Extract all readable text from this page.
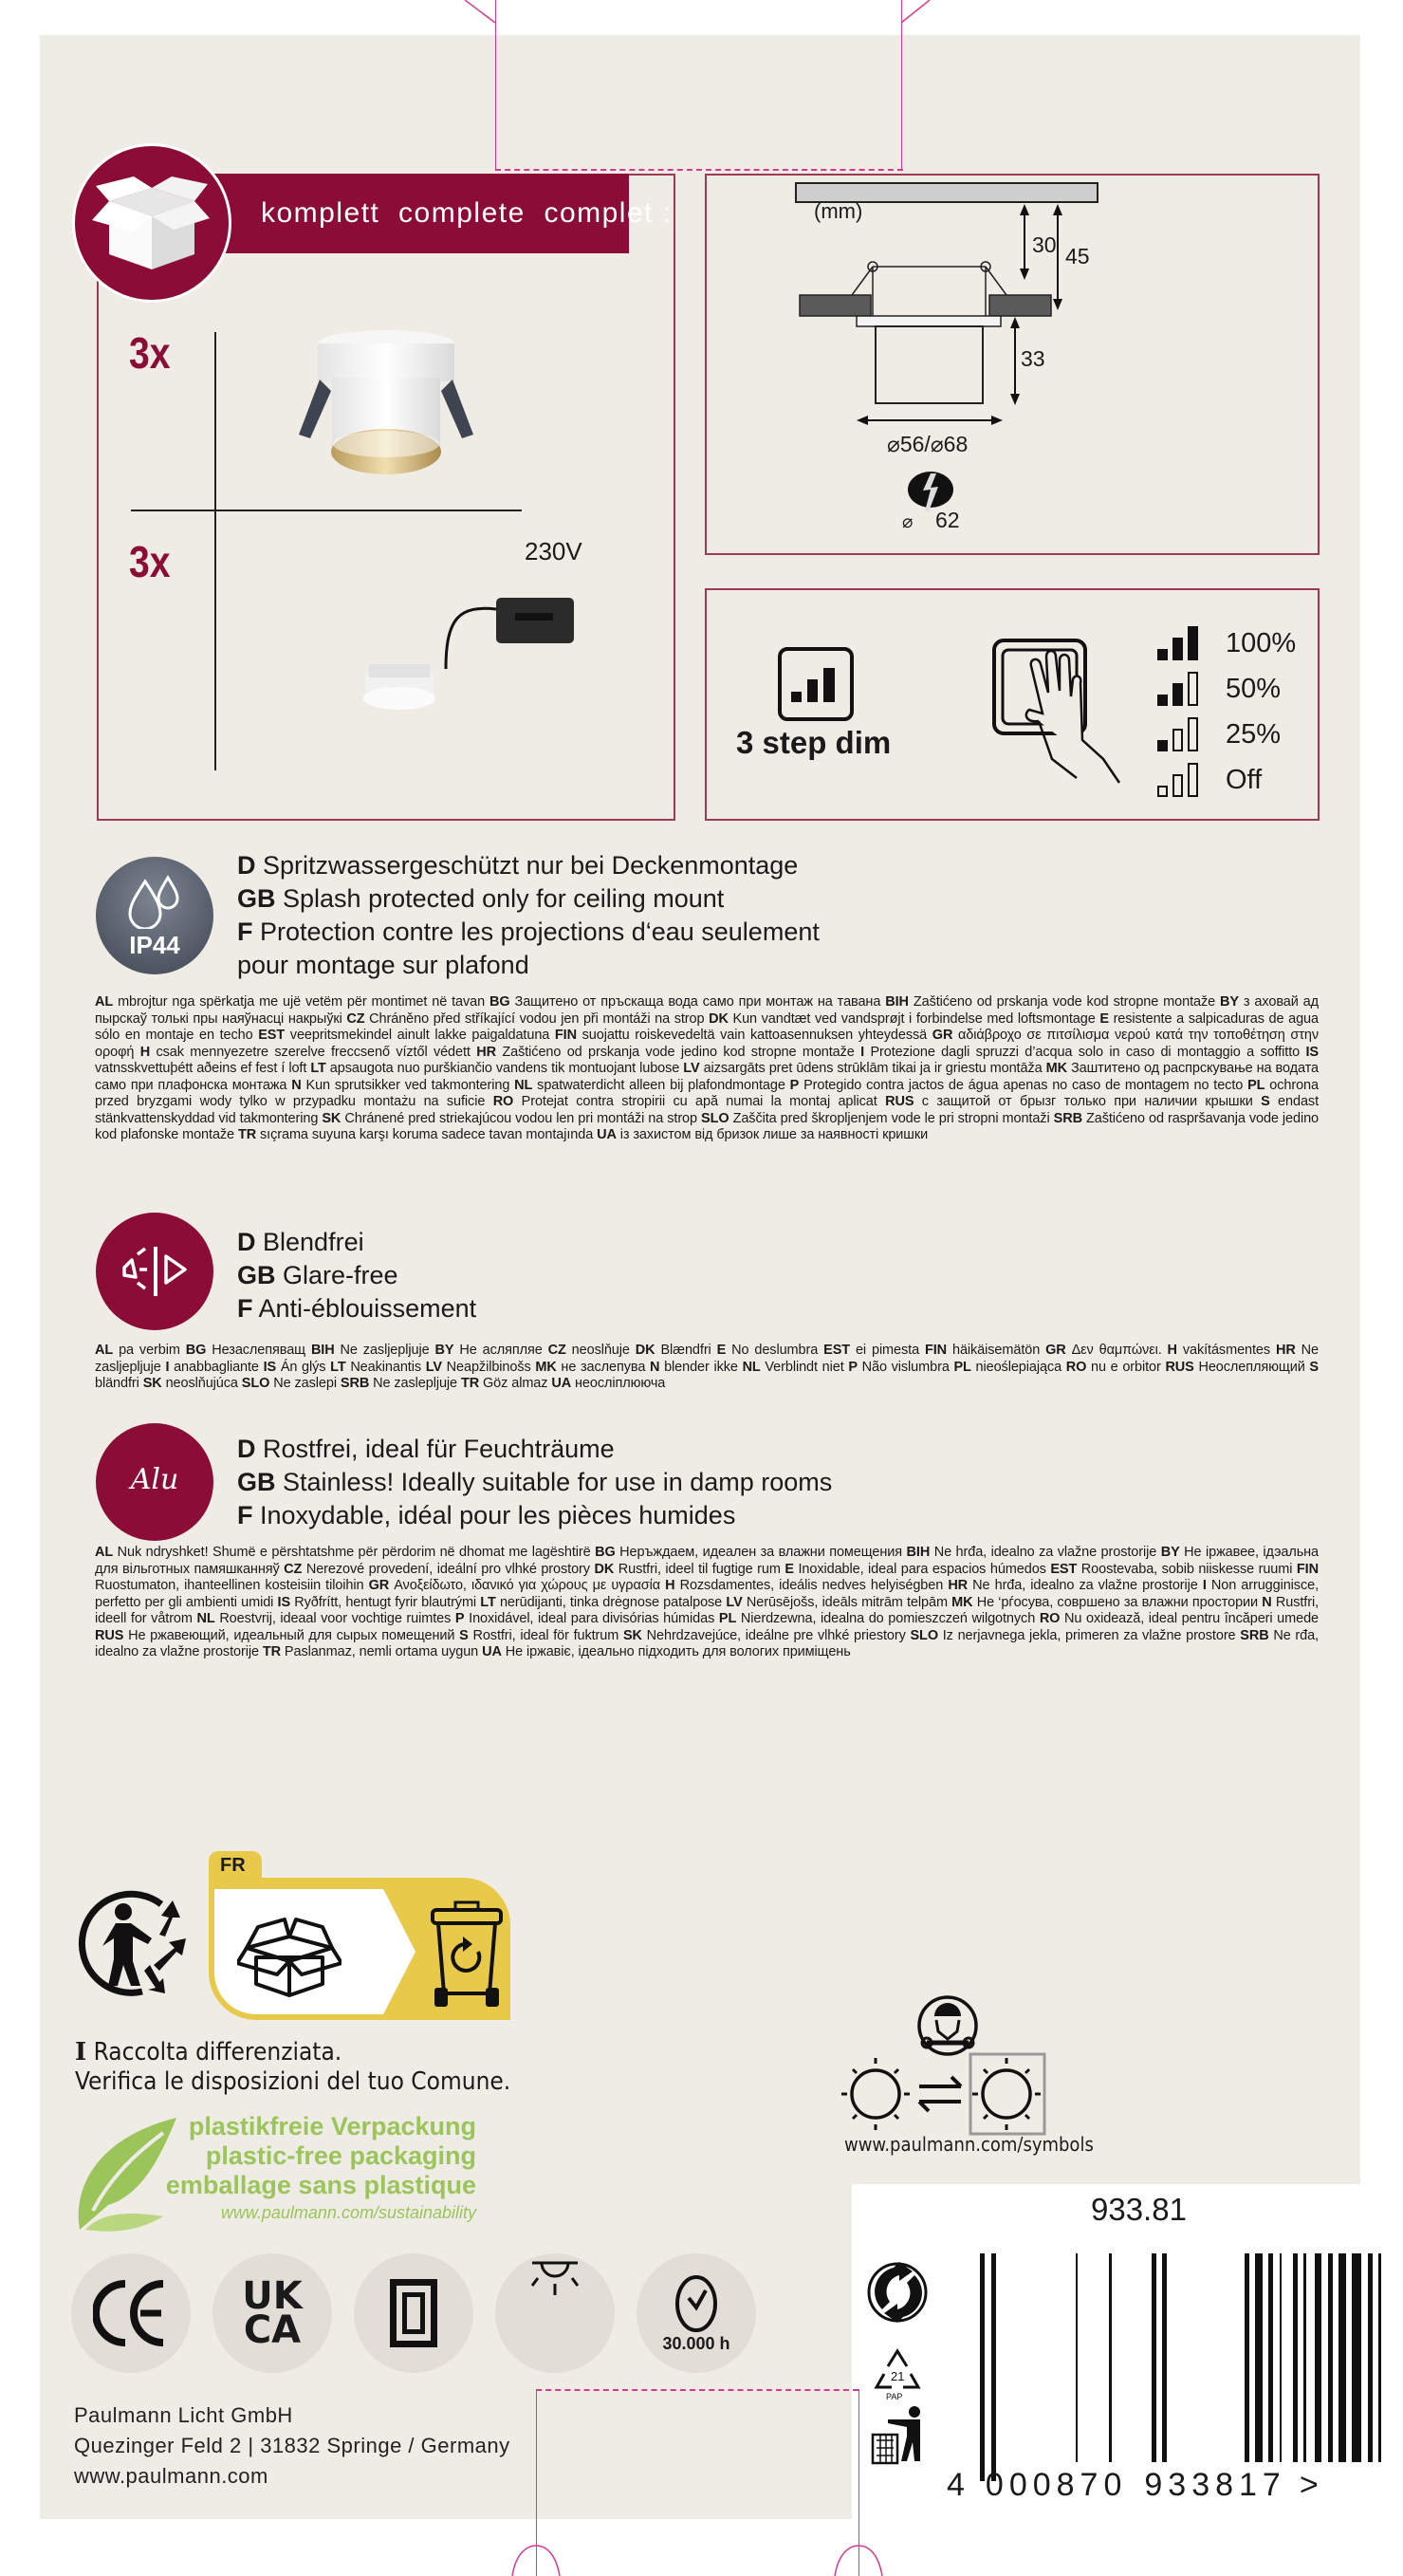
komplett  complete  complet :
3x
3x	230V
(mm)
30 45
33
⌀56/⌀68
⌀ 62
3 step dim
100%
50%
25%
Off
IP44
D Spritzwassergeschützt nur bei Deckenmontage
GB Splash protected only for ceiling mount
F Protection contre les projections d‘eau seulement
pour montage sur plafond
AL mbrojtur nga spërkatja me ujë vetëm për montimet në tavan BG Защитено от пръскаща вода само при монтаж на тавана BIH Zaštićeno od prskanja vode kod stropne montaže BY з аховай ад пырскаў толькі пры наяўнасці накрыўкі CZ Chráněno před stříkající vodou jen při montáži na strop DK Kun vandtæt ved vandsprøjt i forbindelse med loftsmontage E resistente a salpicaduras de agua sólo en montaje en techo EST veepritsmekindel ainult lakke paigaldatuna FIN suojattu roiskevedeltä vain kattoasennuksen yhteydessä GR αδιάβροχο σε πιτσίλισμα νερού κατά την τοποθέτηση στην οροφή H csak mennyezetre szerelve freccsenő víztől védett HR Zaštićeno od prskanja vode jedino kod stropne montaže I Protezione dagli spruzzi d’acqua solo in caso di montaggio a soffitto IS vatnsskvettuþétt aðeins ef fest í loft LT apsaugota nuo purškiančio vandens tik montuojant lubose LV aizsargāts pret ūdens strūklām tikai ja ir griestu montāža MK Заштитено од распрскување на водата само при плафонска монтажа N Kun sprutsikker ved takmontering NL spatwaterdicht alleen bij plafondmontage P Protegido contra jactos de água apenas no caso de montagem no tecto PL ochrona przed bryzgami wody tylko w przypadku montażu na suficie RO Protejat contra stropirii cu apă numai la montaj aplicat RUS с защитой от брызг только при наличии крышки S endast stänkvattenskyddad vid takmontering SK Chránené pred striekajúcou vodou len pri montáži na strop SLO Zaščita pred škropljenjem vode le pri stropni montaži SRB Zaštićeno od raspršavanja vode jedino kod plafonske montaže TR sıçrama suyuna karşı koruma sadece tavan montajında UA із захистом від бризок лише за наявності кришки
D Blendfrei
GB Glare-free
F Anti-éblouissement
AL pa verbim BG Незаслепяващ BIH Ne zasljepljuje BY Не асляпляе CZ neoslňuje DK Blændfri E No deslumbra EST ei pimesta FIN häikäisemätön GR Δεν θαμπώνει. H vakításmentes HR Ne zasljepljuje I anabbagliante IS Án glýs LT Neakinantis LV Neapžilbinošs MK не заслепува N blender ikke NL Verblindt niet P Não vislumbra PL nieoślepiająca RO nu e orbitor RUS Неослепляющий S bländfri SK neoslňujúca SLO Ne zaslepi SRB Ne zaslepljuje TR Göz almaz UA неосліплююча
Alu
D Rostfrei, ideal für Feuchträume
GB Stainless! Ideally suitable for use in damp rooms
F Inoxydable, idéal pour les pièces humides
AL Nuk ndryshket! Shumë e përshtatshme për përdorim në dhomat me lagështirë BG Неръждаем, идеален за влажни помещения BIH Ne hrđa, idealno za vlažne prostorije BY Не іржавее, ідэальна для вільготных памяшканняў CZ Nerezové provedení, ideální pro vlhké prostory DK Rustfri, ideel til fugtige rum E Inoxidable, ideal para espacios húmedos EST Roostevaba, sobib niiskesse ruumi FIN Ruostumaton, ihanteellinen kosteisiin tiloihin GR Ανοξείδωτο, ιδανικό για χώρους με υγρασία H Rozsdamentes, ideális nedves helyiségben HR Ne hrđa, idealno za vlažne prostorije I Non arrugginisce, perfetto per gli ambienti umidi IS Ryðfrítt, hentugt fyrir blautrými LT nerūdijanti, tinka drėgnose patalpose LV Nerūsējošs, ideāls mitrām telpām MK Не ‘рѓосува, совршено за влажни простории N Rustfri, ideell for våtrom NL Roestvrij, ideaal voor vochtige ruimtes P Inoxidável, ideal para divisórias húmidas PL Nierdzewna, idealna do pomieszczeń wilgotnych RO Nu oxidează, ideal pentru încăperi umede RUS Не ржавеющий, идеальный для сырых помещений S Rostfri, ideal för fuktrum SK Nehrdzavejúce, ideálne pre vlhké priestory SLO Iz nerjavnega jekla, primeren za vlažne prostore SRB Ne rđa, idealno za vlažne prostorije TR Paslanmaz, nemli ortama uygun UA Не іржавіє, ідеально підходить для вологих приміщень
FR
I Raccolta differenziata.
Verifica le disposizioni del tuo Comune.
plastikfreie Verpackung
plastic-free packaging
emballage sans plastique
www.paulmann.com/sustainability
www.paulmann.com/symbols
UK
CA	30.000 h
Paulmann Licht GmbH
Quezinger Feld 2 | 31832 Springe / Germany
www.paulmann.com
933.81
21
PAP
4 000870 933817 >
